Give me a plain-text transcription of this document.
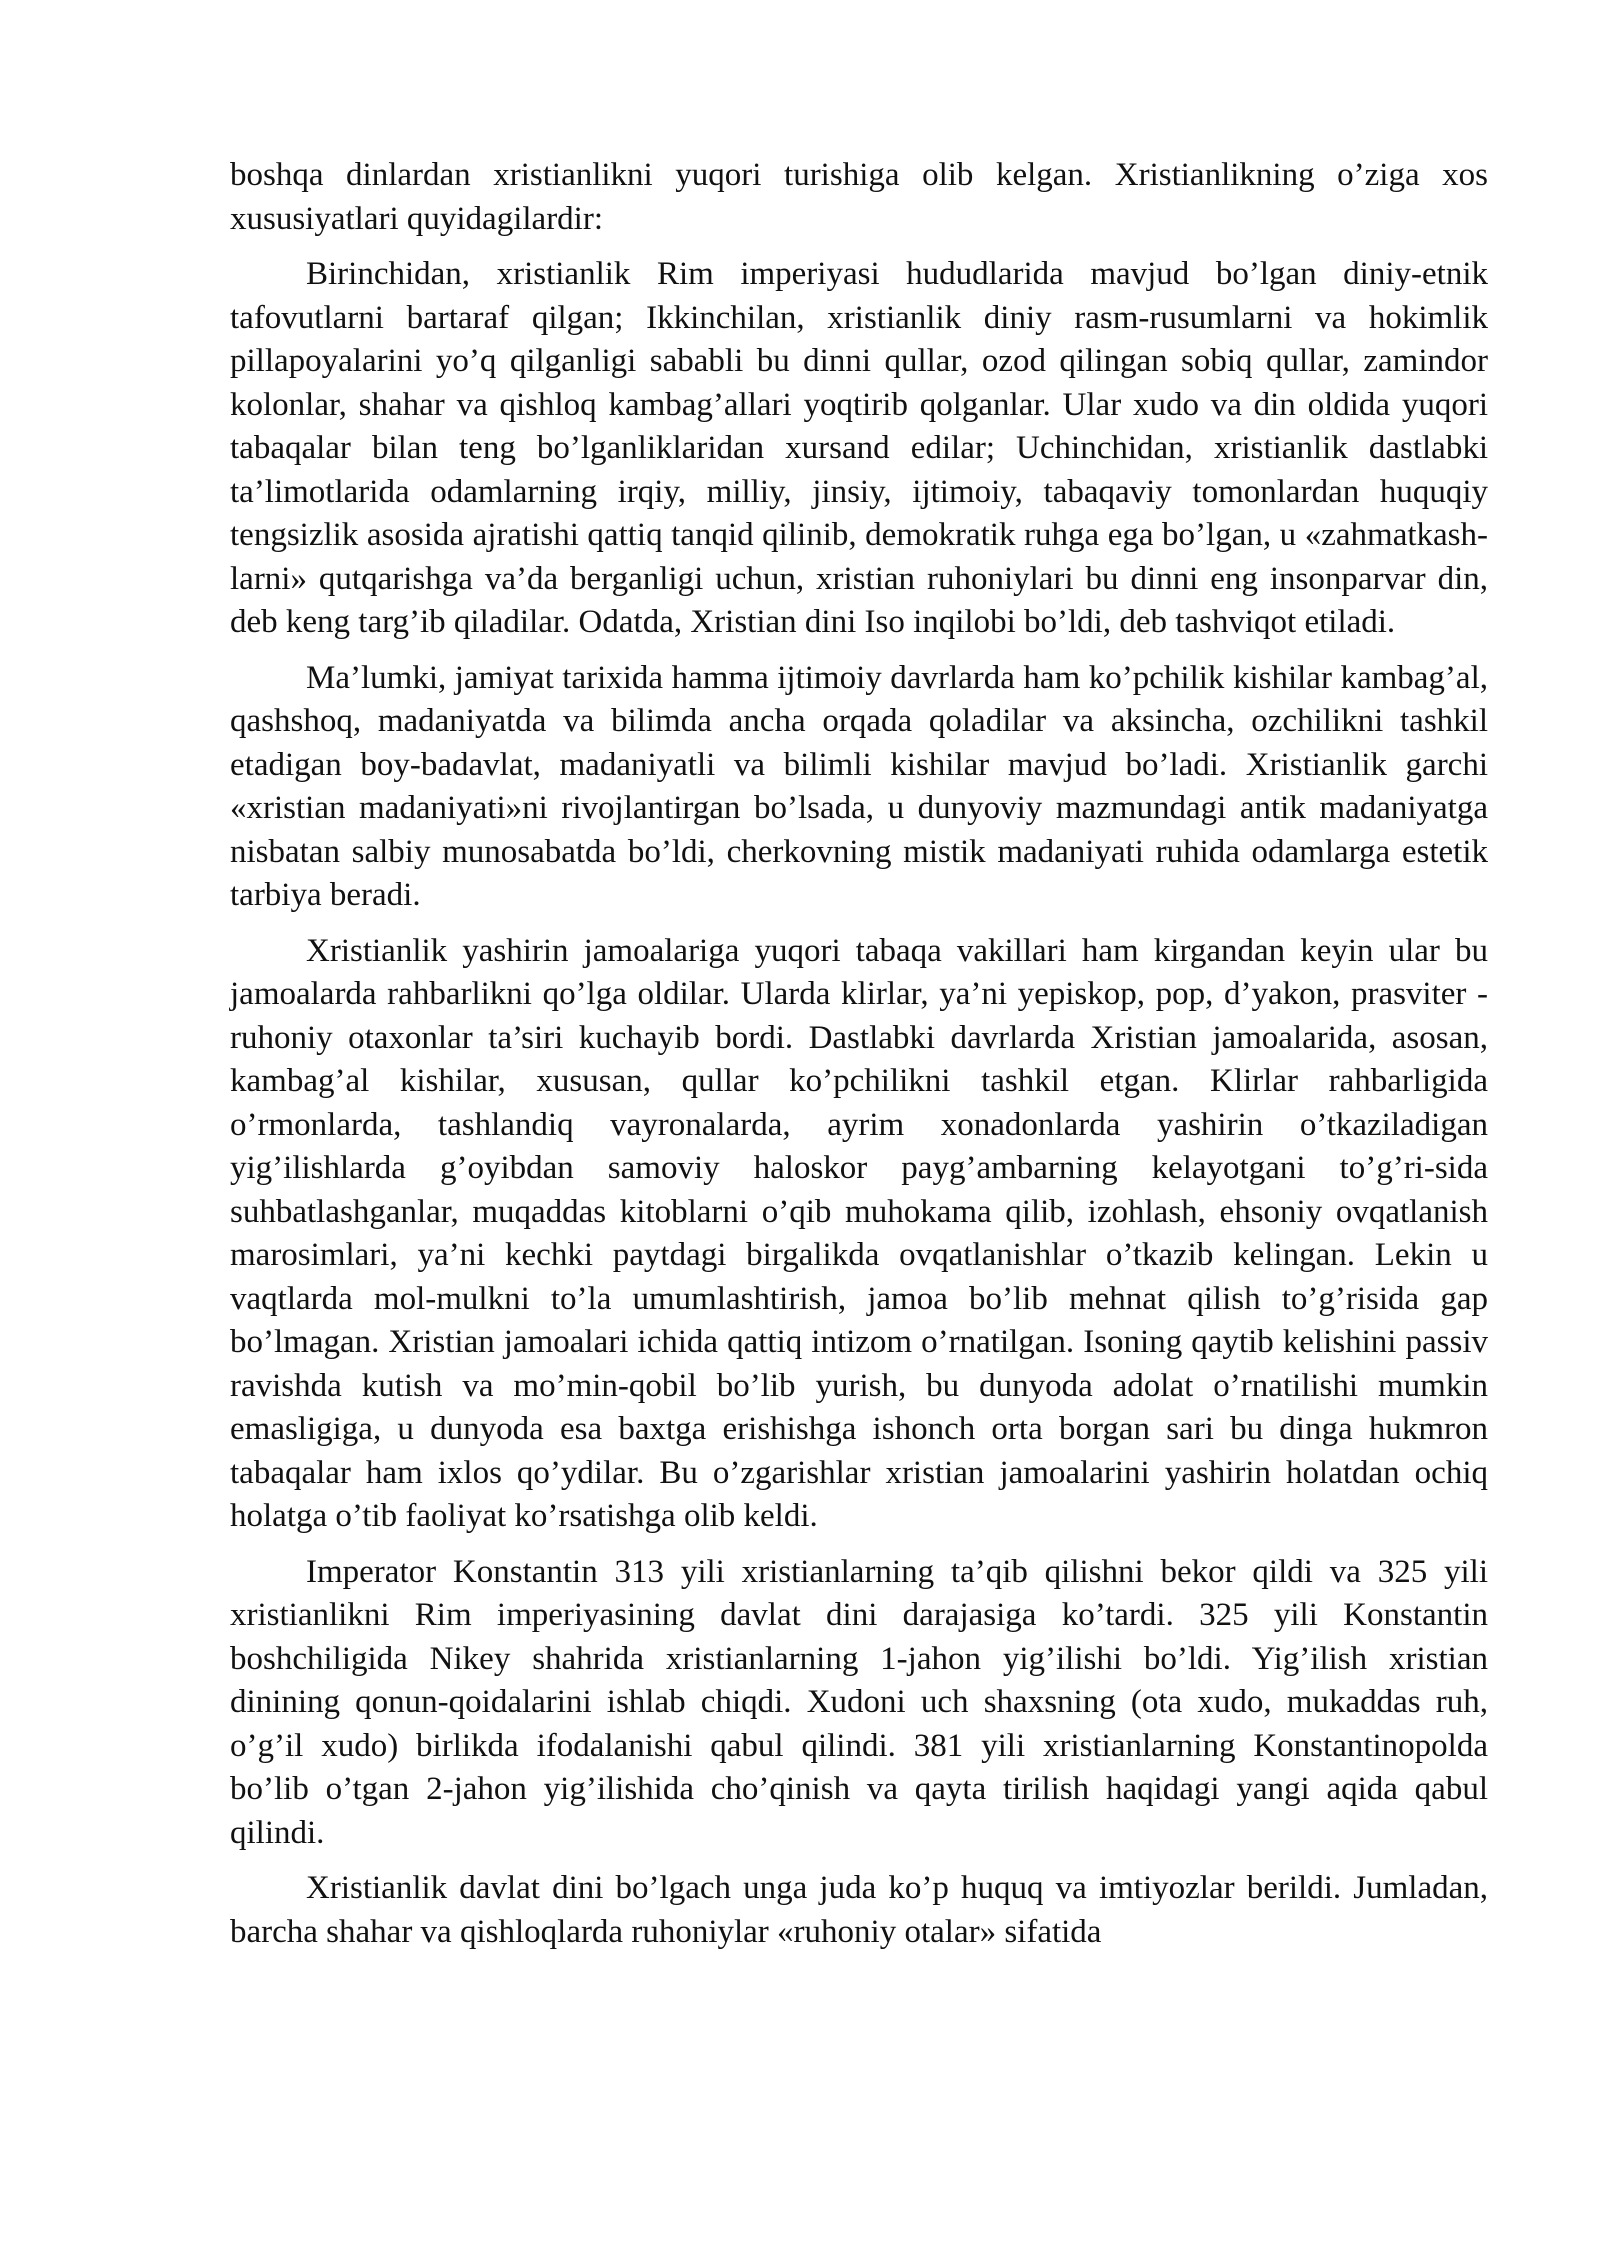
boshqa dinlardan xristianlikni yuqori turishiga olib kelgan. Xristianlikning o’ziga xos xususiyatlari quyidagilardir:

Birinchidan, xristianlik Rim imperiyasi hududlarida mavjud bo’lgan diniy-etnik tafovutlarni bartaraf qilgan; Ikkinchilan, xristianlik diniy rasm-rusumlarni va hokimlik pillapoyalarini yo’q qilganligi sababli bu dinni qullar, ozod qilingan sobiq qullar, zamindor kolonlar, shahar va qishloq kambag’allari yoqtirib qolganlar. Ular xudo va din oldida yuqori tabaqalar bilan teng bo’lganliklaridan xursand edilar; Uchinchidan, xristianlik dastlabki ta’limotlarida odamlarning irqiy, milliy, jinsiy, ijtimoiy, tabaqaviy tomonlardan huquqiy tengsizlik asosida ajratishi qattiq tanqid qilinib, demokratik ruhga ega bo’lgan, u «zahmatkash-larni» qutqarishga va’da berganligi uchun, xristian ruhoniylari bu dinni eng insonparvar din, deb keng targ’ib qiladilar. Odatda, Xristian dini Iso inqilobi bo’ldi, deb tashviqot etiladi.

Ma’lumki, jamiyat tarixida hamma ijtimoiy davrlarda ham ko’pchilik kishilar kambag’al, qashshoq, madaniyatda va bilimda ancha orqada qoladilar va aksincha, ozchilikni tashkil etadigan boy-badavlat, madaniyatli va bilimli kishilar mavjud bo’ladi. Xristianlik garchi «xristian madaniyati»ni rivojlantirgan bo’lsada, u dunyoviy mazmundagi antik madaniyatga nisbatan salbiy munosabatda bo’ldi, cherkovning mistik madaniyati ruhida odamlarga estetik tarbiya beradi.

Xristianlik yashirin jamoalariga yuqori tabaqa vakillari ham kirgandan keyin ular bu jamoalarda rahbarlikni qo’lga oldilar. Ularda klirlar, ya’ni yepiskop, pop, d’yakon, prasviter - ruhoniy otaxonlar ta’siri kuchayib bordi. Dastlabki davrlarda Xristian jamoalarida, asosan, kambag’al kishilar, xususan, qullar ko’pchilikni tashkil etgan. Klirlar rahbarligida o’rmonlarda, tashlandiq vayronalarda, ayrim xonadonlarda yashirin o’tkaziladigan yig’ilishlarda g’oyibdan samoviy haloskor payg’ambarning kelayotgani to’g’ri-sida suhbatlashganlar, muqaddas kitoblarni o’qib muhokama qilib, izohlash, ehsoniy ovqatlanish marosimlari, ya’ni kechki paytdagi birgalikda ovqatlanishlar o’tkazib kelingan. Lekin u vaqtlarda mol-mulkni to’la umumlashtirish, jamoa bo’lib mehnat qilish to’g’risida gap bo’lmagan. Xristian jamoalari ichida qattiq intizom o’rnatilgan. Isoning qaytib kelishini passiv ravishda kutish va mo’min-qobil bo’lib yurish, bu dunyoda adolat o’rnatilishi mumkin emasligiga, u dunyoda esa baxtga erishishga ishonch orta borgan sari bu dinga hukmron tabaqalar ham ixlos qo’ydilar. Bu o’zgarishlar xristian jamoalarini yashirin holatdan ochiq holatga o’tib faoliyat ko’rsatishga olib keldi.

Imperator Konstantin 313 yili xristianlarning ta’qib qilishni bekor qildi va 325 yili xristianlikni Rim imperiyasining davlat dini darajasiga ko’tardi. 325 yili Konstantin boshchiligida Nikey shahrida xristianlarning 1-jahon yig’ilishi bo’ldi. Yig’ilish xristian dinining qonun-qoidalarini ishlab chiqdi. Xudoni uch shaxsning (ota xudo, mukaddas ruh, o’g’il xudo) birlikda ifodalanishi qabul qilindi. 381 yili xristianlarning Konstantinopolda bo’lib o’tgan 2-jahon yig’ilishida cho’qinish va qayta tirilish haqidagi yangi aqida qabul qilindi.

Xristianlik davlat dini bo’lgach unga juda ko’p huquq va imtiyozlar berildi. Jumladan, barcha shahar va qishloqlarda ruhoniylar «ruhoniy otalar» sifatida
